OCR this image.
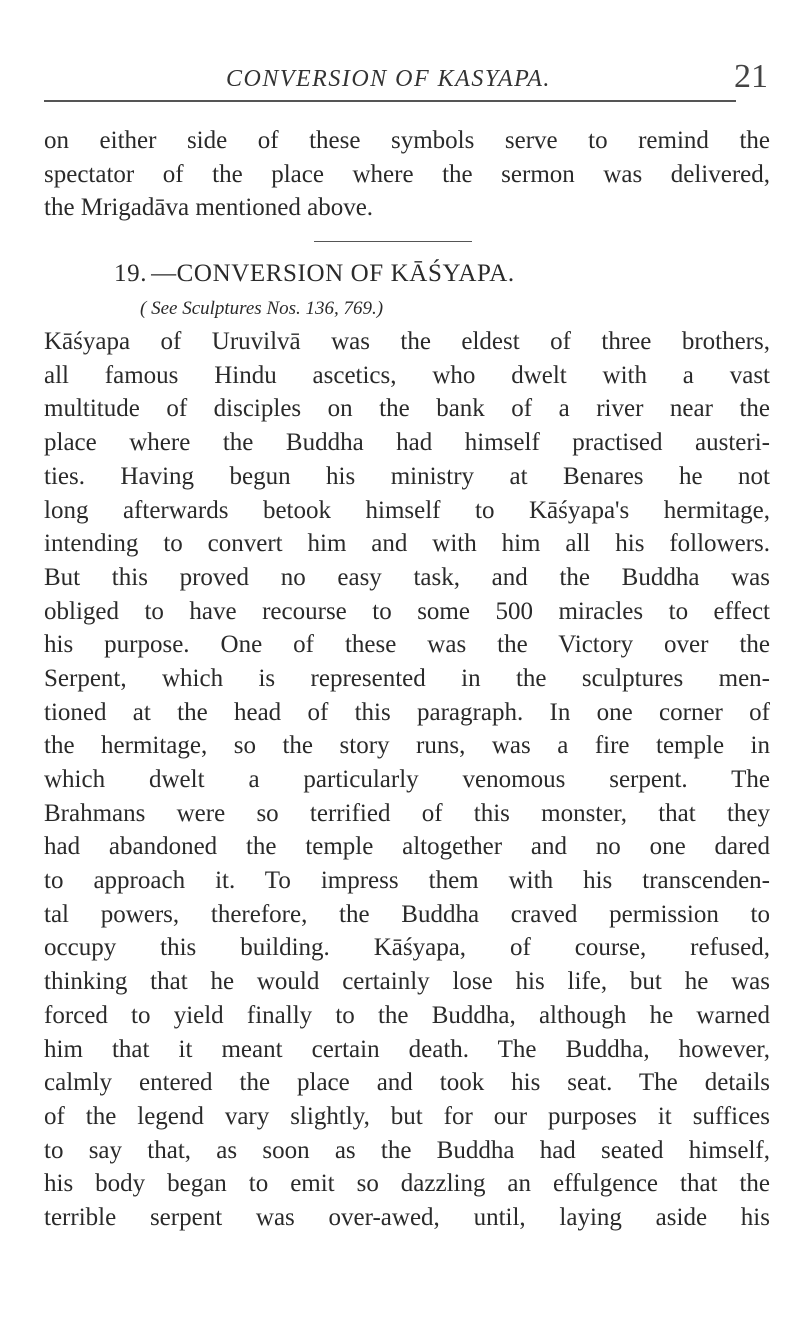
CONVERSION OF KASYAPA.	21
on either side of these symbols serve to remind the
spectator of the place where the sermon was delivered,
the Mrigadāva mentioned above.
19. —CONVERSION OF KĀŚYAPA.
( See Sculptures Nos. 136, 769.)
Kāśyapa of Uruvilvā was the eldest of three brothers,
all famous Hindu ascetics, who dwelt with a vast
multitude of disciples on the bank of a river near the
place where the Buddha had himself practised austeri-
ties. Having begun his ministry at Benares he not
long afterwards betook himself to Kāśyapa's hermitage,
intending to convert him and with him all his followers.
But this proved no easy task, and the Buddha was
obliged to have recourse to some 500 miracles to effect
his purpose. One of these was the Victory over the
Serpent, which is represented in the sculptures men-
tioned at the head of this paragraph. In one corner of
the hermitage, so the story runs, was a fire temple in
which dwelt a particularly venomous serpent. The
Brahmans were so terrified of this monster, that they
had abandoned the temple altogether and no one dared
to approach it. To impress them with his transcenden-
tal powers, therefore, the Buddha craved permission to
occupy this building. Kāśyapa, of course, refused,
thinking that he would certainly lose his life, but he was
forced to yield finally to the Buddha, although he warned
him that it meant certain death. The Buddha, however,
calmly entered the place and took his seat. The details
of the legend vary slightly, but for our purposes it suffices
to say that, as soon as the Buddha had seated himself,
his body began to emit so dazzling an effulgence that the
terrible serpent was over-awed, until, laying aside his
